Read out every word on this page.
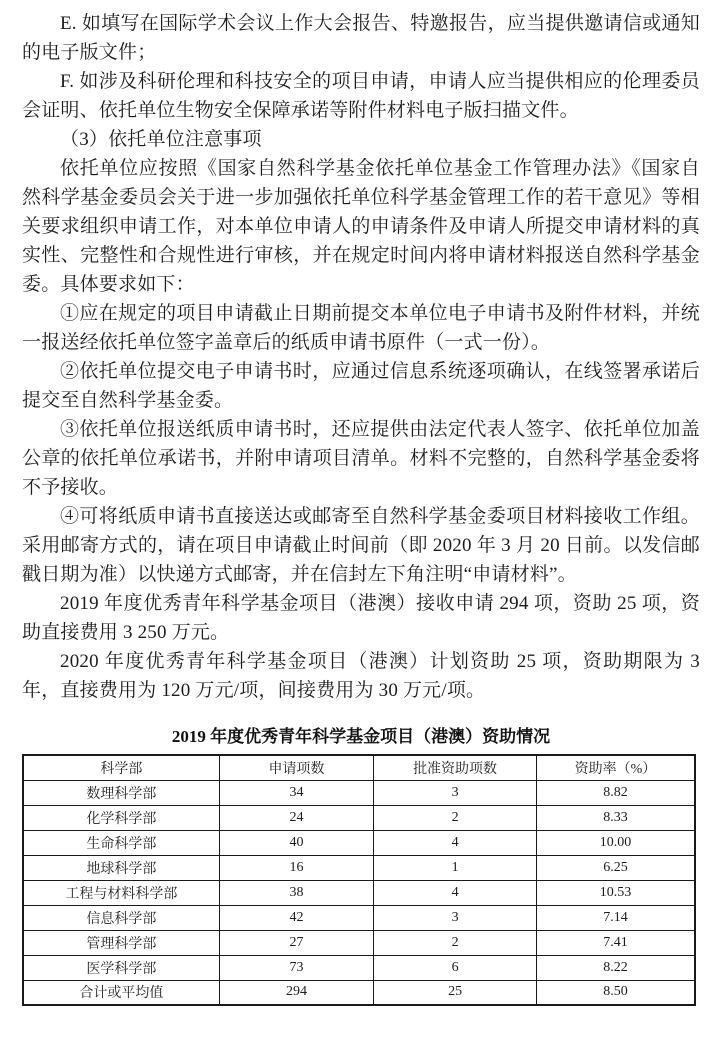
E. 如填写在国际学术会议上作大会报告、特邀报告，应当提供邀请信或通知的电子版文件；

F. 如涉及科研伦理和科技安全的项目申请，申请人应当提供相应的伦理委员会证明、依托单位生物安全保障承诺等附件材料电子版扫描文件。

（3）依托单位注意事项

依托单位应按照《国家自然科学基金依托单位基金工作管理办法》《国家自然科学基金委员会关于进一步加强依托单位科学基金管理工作的若干意见》等相关要求组织申请工作，对本单位申请人的申请条件及申请人所提交申请材料的真实性、完整性和合规性进行审核，并在规定时间内将申请材料报送自然科学基金委。具体要求如下：

①应在规定的项目申请截止日期前提交本单位电子申请书及附件材料，并统一报送经依托单位签字盖章后的纸质申请书原件（一式一份）。

②依托单位提交电子申请书时，应通过信息系统逐项确认，在线签署承诺后提交至自然科学基金委。

③依托单位报送纸质申请书时，还应提供由法定代表人签字、依托单位加盖公章的依托单位承诺书，并附申请项目清单。材料不完整的，自然科学基金委将不予接收。

④可将纸质申请书直接送达或邮寄至自然科学基金委项目材料接收工作组。采用邮寄方式的，请在项目申请截止时间前（即 2020 年 3 月 20 日前。以发信邮戳日期为准）以快递方式邮寄，并在信封左下角注明“申请材料”。

2019 年度优秀青年科学基金项目（港澳）接收申请 294 项，资助 25 项，资助直接费用 3 250 万元。

2020 年度优秀青年科学基金项目（港澳）计划资助 25 项，资助期限为 3 年，直接费用为 120 万元/项，间接费用为 30 万元/项。

2019 年度优秀青年科学基金项目（港澳）资助情况
科学部	申请项数	批准资助项数	资助率（%）
数理科学部	34	3	8.82
化学科学部	24	2	8.33
生命科学部	40	4	10.00
地球科学部	16	1	6.25
工程与材料科学部	38	4	10.53
信息科学部	42	3	7.14
管理科学部	27	2	7.41
医学科学部	73	6	8.22
合计或平均值	294	25	8.50
